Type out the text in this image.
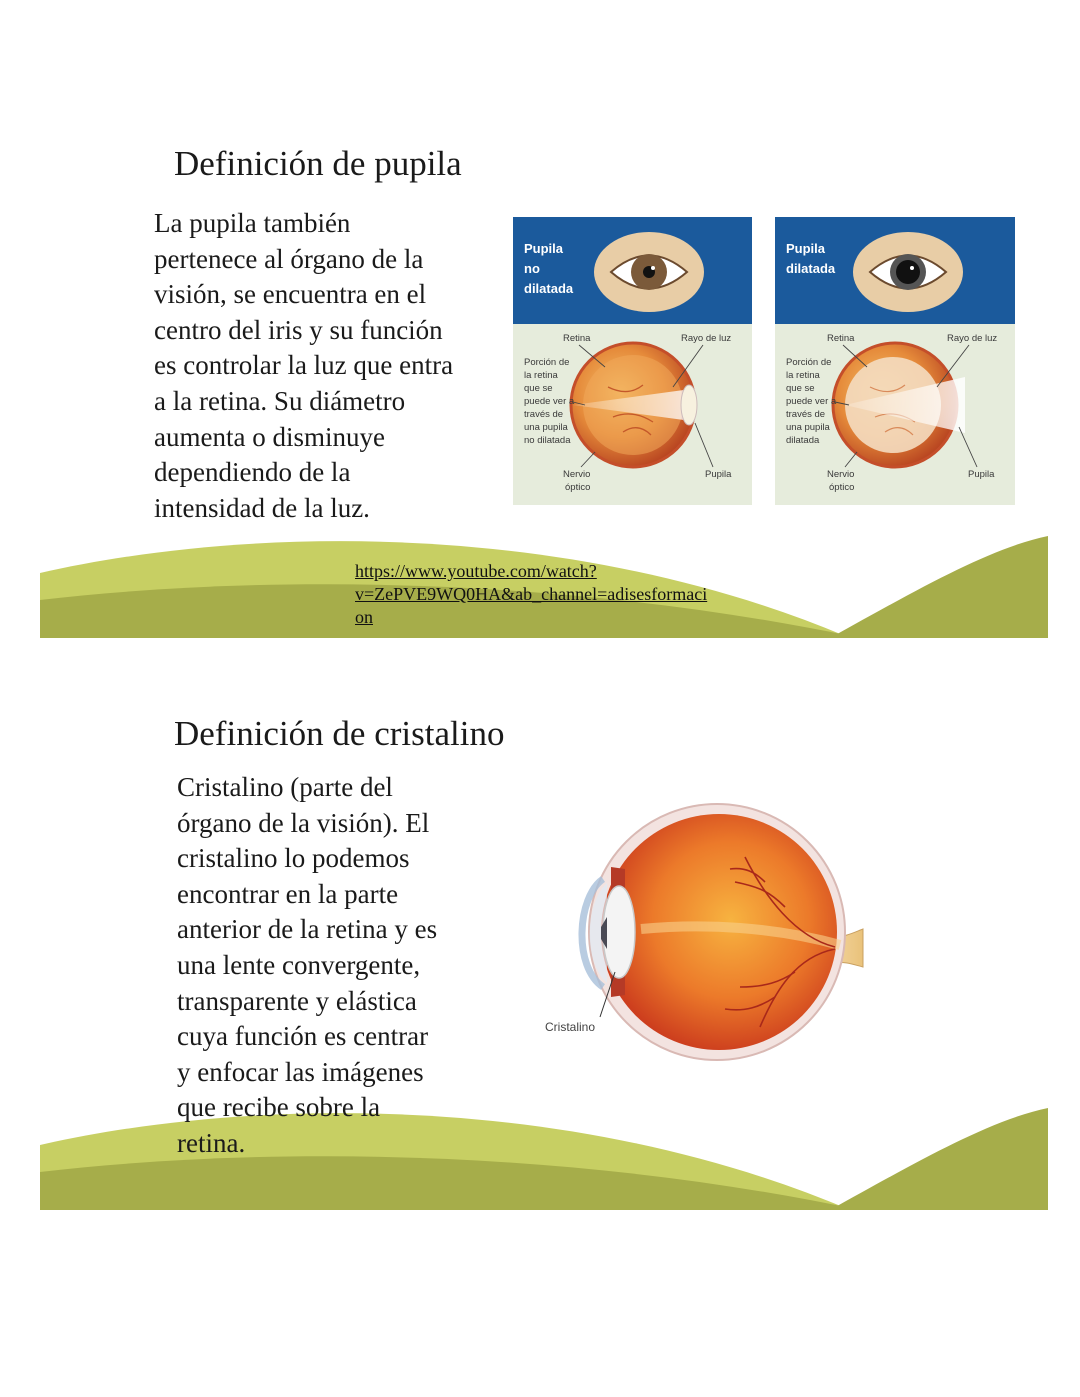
Definición de pupila
La pupila también
pertenece al órgano de la
visión, se encuentra en el
centro del iris y su función
es controlar la luz que entra
a la retina. Su diámetro
aumenta o disminuye
dependiendo de la
intensidad de la luz.
https://www.youtube.com/watch?
v=ZePVE9WQ0HA&ab_channel=adisesformaci
on
Pupila
no
dilatada
Retina	Rayo de luz
Porción de
la retina
que se
puede ver a
través de
una pupila
no dilatada
Nervio
óptico
Pupila
Pupila
dilatada
Retina	Rayo de luz
Porción de
la retina
que se
puede ver a
través de
una pupila
dilatada
Nervio
óptico
Pupila
Definición de cristalino
Cristalino (parte del
órgano de la visión). El
cristalino lo podemos
encontrar en la parte
anterior de la retina y es
una lente convergente,
transparente y elástica
cuya función es centrar
y enfocar las imágenes
que recibe sobre la
retina.
Cristalino
